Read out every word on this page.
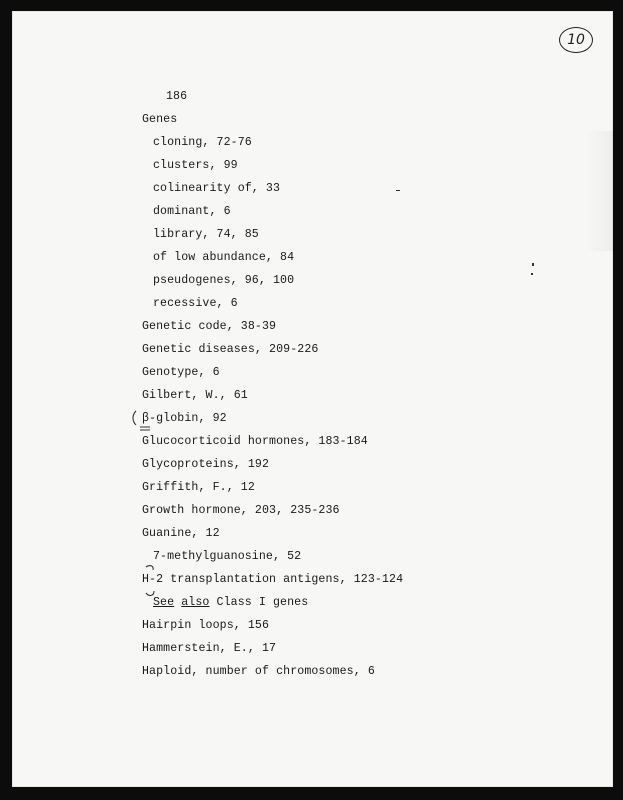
10
186
Genes
cloning, 72-76
clusters, 99
colinearity of, 33
dominant, 6
library, 74, 85
of low abundance, 84
pseudogenes, 96, 100
recessive, 6
Genetic code, 38-39
Genetic diseases, 209-226
Genotype, 6
Gilbert, W., 61
β-globin, 92
Glucocorticoid hormones, 183-184
Glycoproteins, 192
Griffith, F., 12
Growth hormone, 203, 235-236
Guanine, 12
7-methylguanosine, 52
H-2 transplantation antigens, 123-124
See also Class I genes
Hairpin loops, 156
Hammerstein, E., 17
Haploid, number of chromosomes, 6
